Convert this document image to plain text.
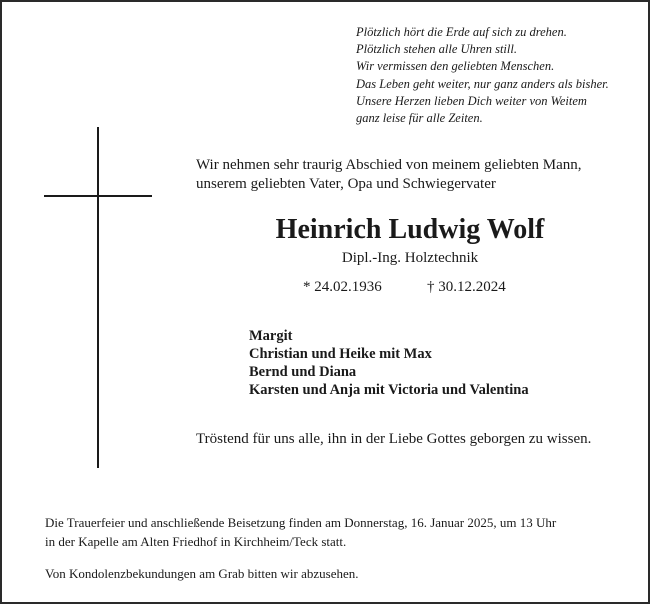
Plötzlich hört die Erde auf sich zu drehen.
Plötzlich stehen alle Uhren still.
Wir vermissen den geliebten Menschen.
Das Leben geht weiter, nur ganz anders als bisher.
Unsere Herzen lieben Dich weiter von Weitem
ganz leise für alle Zeiten.
Wir nehmen sehr traurig Abschied von meinem geliebten Mann,
unserem geliebten Vater, Opa und Schwiegervater
Heinrich Ludwig Wolf
Dipl.-Ing. Holztechnik
* 24.02.1936	† 30.12.2024
Margit
Christian und Heike mit Max
Bernd und Diana
Karsten und Anja mit Victoria und Valentina
Tröstend für uns alle, ihn in der Liebe Gottes geborgen zu wissen.
Die Trauerfeier und anschließende Beisetzung finden am Donnerstag, 16. Januar 2025, um 13 Uhr
in der Kapelle am Alten Friedhof in Kirchheim/Teck statt.
Von Kondolenzbekundungen am Grab bitten wir abzusehen.
